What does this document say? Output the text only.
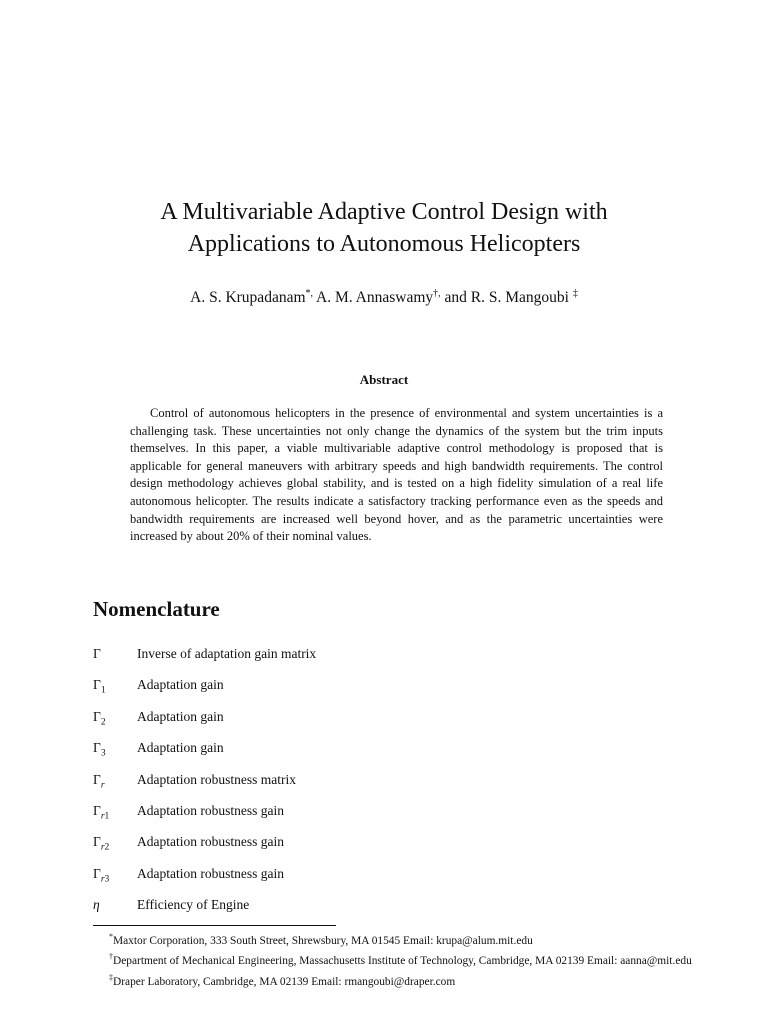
A Multivariable Adaptive Control Design with
Applications to Autonomous Helicopters
A. S. Krupadanam*, A. M. Annaswamy†, and R. S. Mangoubi ‡
Abstract

Control of autonomous helicopters in the presence of environmental and system uncertainties is a challenging task. These uncertainties not only change the dynamics of the system but the trim inputs themselves. In this paper, a viable multivariable adaptive control methodology is proposed that is applicable for general maneuvers with arbitrary speeds and high bandwidth requirements. The control design methodology achieves global stability, and is tested on a high fidelity simulation of a real life autonomous helicopter. The results indicate a satisfactory tracking performance even as the speeds and bandwidth requirements are increased well beyond hover, and as the parametric uncertainties were increased by about 20% of their nominal values.

Nomenclature
Γ	Inverse of adaptation gain matrix
$\Gamma_1$	Adaptation gain
$\Gamma_2$	Adaptation gain
$\Gamma_3$	Adaptation gain
$\Gamma_r$	Adaptation robustness matrix
$\Gamma_{r1}$	Adaptation robustness gain
$\Gamma_{r2}$	Adaptation robustness gain
$\Gamma_{r3}$	Adaptation robustness gain
η	Efficiency of Engine

*Maxtor Corporation, 333 South Street, Shrewsbury, MA 01545 Email: krupa@alum.mit.edu

†Department of Mechanical Engineering, Massachusetts Institute of Technology, Cambridge, MA 02139 Email: aanna@mit.edu

‡Draper Laboratory, Cambridge, MA 02139 Email: rmangoubi@draper.com
